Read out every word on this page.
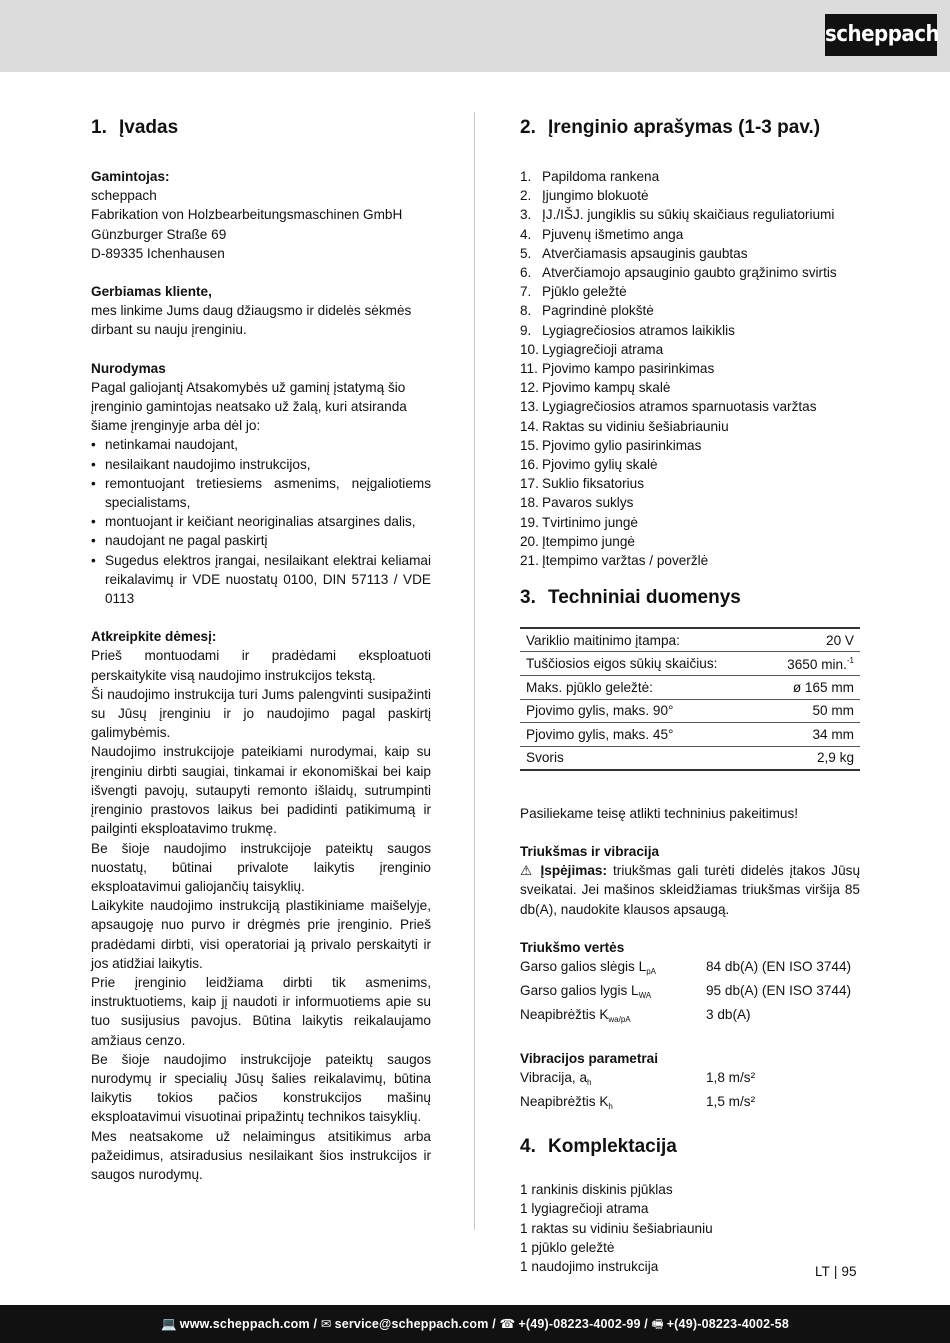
scheppach
1. Įvadas

Gamintojas:

scheppach

Fabrikation von Holzbearbeitungsmaschinen GmbH

Günzburger Straße 69

D-89335 Ichenhausen

Gerbiamas kliente,

mes linkime Jums daug džiaugsmo ir didelės sėkmės

dirbant su nauju įrenginiu.

Nurodymas

Pagal galiojantį Atsakomybės už gaminį įstatymą šio

įrenginio gamintojas neatsako už žalą, kuri atsiranda

šiame įrenginyje arba dėl jo:

• netinkamai naudojant,
• nesilaikant naudojimo instrukcijos,
• remontuojant tretiesiems asmenims, neįgaliotiems specialistams,
• montuojant ir keičiant neoriginalias atsargines dalis,
• naudojant ne pagal paskirtį
• Sugedus elektros įrangai, nesilaikant elektrai keliamai reikalavimų ir VDE nuostatų 0100, DIN 57113 / VDE 0113

Atkreipkite dėmesį:

Prieš montuodami ir pradėdami eksploatuoti perskaitykite visą naudojimo instrukcijos tekstą.

Ši naudojimo instrukcija turi Jums palengvinti susipažinti su Jūsų įrenginiu ir jo naudojimo pagal paskirtį galimybėmis.

Naudojimo instrukcijoje pateikiami nurodymai, kaip su įrenginiu dirbti saugiai, tinkamai ir ekonomiškai bei kaip išvengti pavojų, sutaupyti remonto išlaidų, sutrumpinti įrenginio prastovos laikus bei padidinti patikimumą ir pailginti eksploatavimo trukmę.

Be šioje naudojimo instrukcijoje pateiktų saugos nuostatų, būtinai privalote laikytis įrenginio eksploatavimui galiojančių taisyklių.

Laikykite naudojimo instrukciją plastikiniame maišelyje, apsaugoję nuo purvo ir drėgmės prie įrenginio. Prieš pradėdami dirbti, visi operatoriai ją privalo perskaityti ir jos atidžiai laikytis.

Prie įrenginio leidžiama dirbti tik asmenims, instruktuotiems, kaip jį naudoti ir informuotiems apie su tuo susijusius pavojus. Būtina laikytis reikalaujamo amžiaus cenzo.

Be šioje naudojimo instrukcijoje pateiktų saugos nurodymų ir specialių Jūsų šalies reikalavimų, būtina laikytis tokios pačios konstrukcijos mašinų eksploatavimui visuotinai pripažintų technikos taisyklių.

Mes neatsakome už nelaimingus atsitikimus arba pažeidimus, atsiradusius nesilaikant šios instrukcijos ir saugos nurodymų.

2. Įrenginio aprašymas (1-3 pav.)
1. Papildoma rankena
2. Įjungimo blokuotė
3. ĮJ./IŠJ. jungiklis su sūkių skaičiaus reguliatoriumi
4. Pjuvenų išmetimo anga
5. Atverčiamasis apsauginis gaubtas
6. Atverčiamojo apsauginio gaubto grąžinimo svirtis
7. Pjūklo geležtė
8. Pagrindinė plokštė
9. Lygiagrečiosios atramos laikiklis
10. Lygiagrečioji atrama
11. Pjovimo kampo pasirinkimas
12. Pjovimo kampų skalė
13. Lygiagrečiosios atramos sparnuotasis varžtas
14. Raktas su vidiniu šešiabriauniu
15. Pjovimo gylio pasirinkimas
16. Pjovimo gylių skalė
17. Suklio fiksatorius
18. Pavaros suklys
19. Tvirtinimo jungė
20. Įtempimo jungė
21. Įtempimo varžtas / poveržlė
3. Techniniai duomenys
Variklio maitinimo įtampa:	20 V
Tuščiosios eigos sūkių skaičius:	3650 min.$^{-1}$
Maks. pjūklo geležtė:	ø 165 mm
Pjovimo gylis, maks. 90°	50 mm
Pjovimo gylis, maks. 45°	34 mm
Svoris	2,9 kg

Pasiliekame teisę atlikti techninius pakeitimus!

Triukšmas ir vibracija

⚠ Įspėjimas: triukšmas gali turėti didelės įtakos Jūsų sveikatai. Jei mašinos skleidžiamas triukšmas viršija 85 db(A), naudokite klausos apsaugą.

Triukšmo vertės

Garso galios slėgis $L_{pA}$	84 db(A) (EN ISO 3744)
Garso galios lygis $L_{WA}$	95 db(A) (EN ISO 3744)
Neapibrėžtis $K_{wa/pA}$	3 db(A)

Vibracijos parametrai

Vibracija, $a_h$	1,8 m/s²
Neapibrėžtis $K_h$	1,5 m/s²
4. Komplektacija

1 rankinis diskinis pjūklas

1 lygiagrečioji atrama

1 raktas su vidiniu šešiabriauniu

1 pjūklo geležtė

1 naudojimo instrukcija	LT | 95
💻 www.scheppach.com / ✉ service@scheppach.com / ☎ +(49)-08223-4002-99 / 🖷 +(49)-08223-4002-58
